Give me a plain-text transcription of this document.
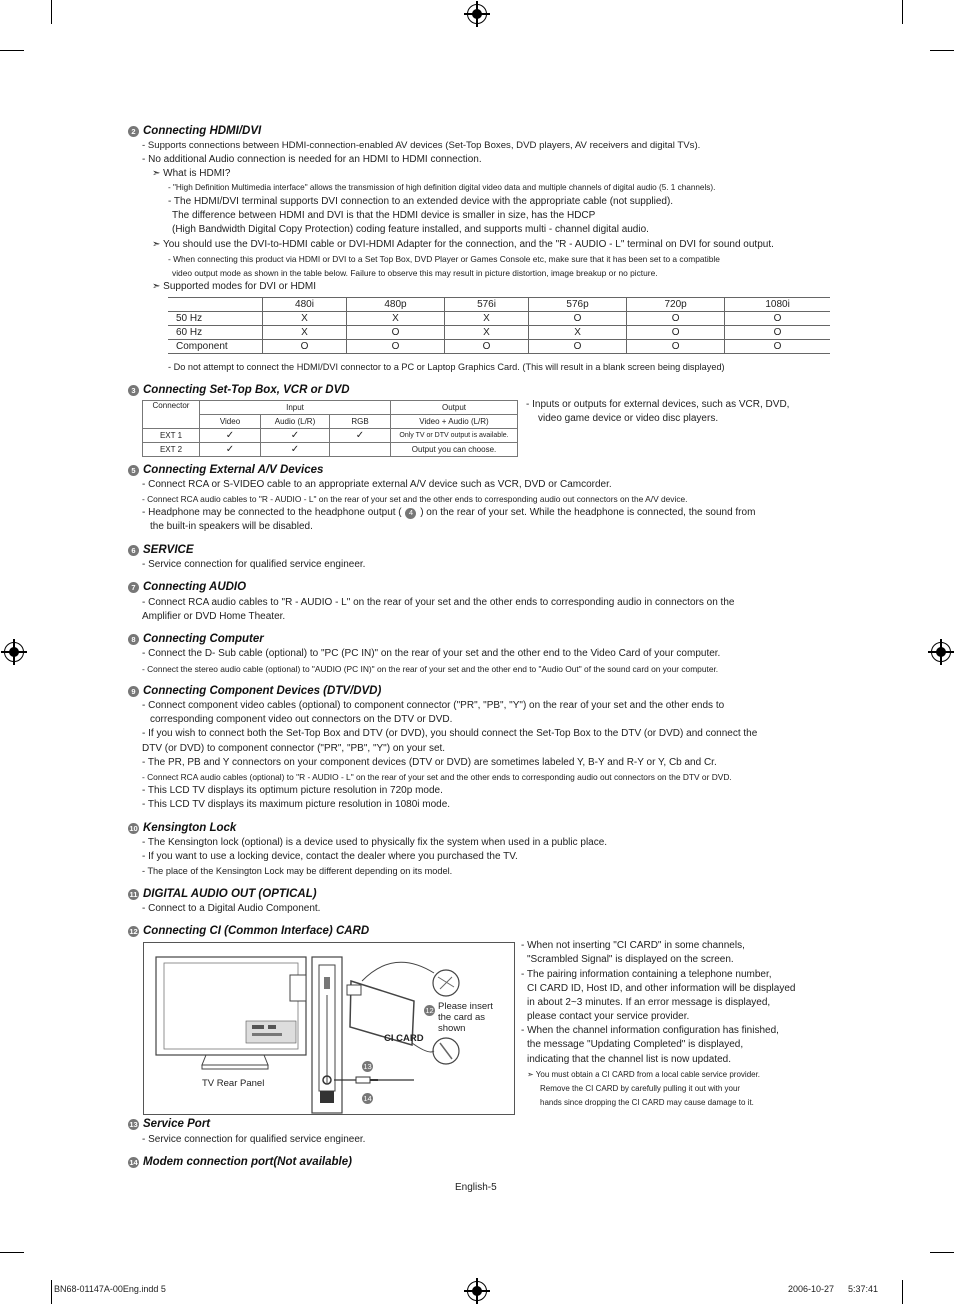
2 Connecting HDMI/DVI
- Supports connections between HDMI-connection-enabled AV devices (Set-Top Boxes, DVD players, AV receivers and digital TVs).
- No additional Audio connection is needed for an HDMI to HDMI connection.
➣ What is HDMI?
- "High Definition Multimedia interface" allows the transmission of high definition digital video data and multiple channels of digital audio (5. 1 channels).
- The HDMI/DVI terminal supports DVI connection to an extended device with the appropriate cable (not supplied).
The difference between HDMI and DVI is that the HDMI device is smaller in size, has the HDCP
(High Bandwidth Digital Copy Protection) coding feature installed, and supports multi - channel digital audio.
➣ You should use the DVI-to-HDMI cable or DVI-HDMI Adapter for the connection, and the "R - AUDIO - L" terminal on DVI for sound output.
- When connecting this product via HDMI or DVI to a Set Top Box, DVD Player or Games Console etc, make sure that it has been set to a compatible
video output mode as shown in the table below. Failure to observe this may result in picture distortion, image breakup or no picture.
➣ Supported modes for DVI or HDMI
	480i	480p	576i	576p	720p	1080i
50 Hz	X	X	X	O	O	O
60 Hz	X	O	X	X	O	O
Component	O	O	O	O	O	O
- Do not attempt to connect the HDMI/DVI connector to a PC or Laptop Graphics Card. (This will result in a blank screen being displayed)
3 Connecting Set-Top Box, VCR or DVD
Connector	Input			Output
	Video	Audio (L/R)	RGB	Video + Audio (L/R)
EXT 1	✓	✓	✓	Only TV or DTV output is available.
EXT 2	✓	✓		Output you can choose.
- Inputs or outputs for external devices, such as VCR, DVD,
video game device or video disc players.
5 Connecting External A/V Devices
- Connect RCA or S-VIDEO cable to an appropriate external A/V device such as VCR, DVD or Camcorder.
- Connect RCA audio cables to "R - AUDIO - L" on the rear of your set and the other ends to corresponding audio out connectors on the A/V device.
- Headphone may be connected to the headphone output ( 4 ) on the rear of your set. While the headphone is connected, the sound from
the built-in speakers will be disabled.
6 SERVICE
- Service connection for qualified service engineer.
7 Connecting AUDIO
- Connect RCA audio cables to "R - AUDIO - L" on the rear of your set and the other ends to corresponding audio in connectors on the
Amplifier or DVD Home Theater.
8 Connecting Computer
- Connect the D- Sub cable (optional) to "PC (PC IN)" on the rear of your set and the other end to the Video Card of your computer.
- Connect the stereo audio cable (optional) to "AUDIO (PC IN)" on the rear of your set and the other end to "Audio Out" of the sound card on your computer.
9 Connecting Component Devices (DTV/DVD)
- Connect component video cables (optional) to component connector ("PR", "PB", "Y") on the rear of your set and the other ends to
corresponding component video out connectors on the DTV or DVD.
- If you wish to connect both the Set-Top Box and DTV (or DVD), you should connect the Set-Top Box to the DTV (or DVD) and connect the
DTV (or DVD) to component connector ("PR", "PB", "Y") on your set.
- The PR, PB and Y connectors on your component devices (DTV or DVD) are sometimes labeled Y, B-Y and R-Y or Y, Cb and Cr.
- Connect RCA audio cables (optional) to "R - AUDIO - L" on the rear of your set and the other ends to corresponding audio out connectors on the DTV or DVD.
- This LCD TV displays its optimum picture resolution in 720p mode.
- This LCD TV displays its maximum picture resolution in 1080i mode.
10 Kensington Lock
- The Kensington lock (optional) is a device used to physically fix the system when used in a public place.
- If you want to use a locking device, contact the dealer where you purchased the TV.
- The place of the Kensington Lock may be different depending on its model.
11 DIGITAL AUDIO OUT (OPTICAL)
- Connect to a Digital Audio Component.
12 Connecting CI (Common Interface) CARD
TV Rear Panel
CI CARD
Please insert
the card as
shown
12
13
14
- When not inserting "CI CARD" in some channels,
"Scrambled Signal" is displayed on the screen.
- The pairing information containing a telephone number,
CI CARD ID, Host ID, and other information will be displayed
in about 2~3 minutes. If an error message is displayed,
please contact your service provider.
- When the channel information configuration has finished,
the message "Updating Completed" is displayed,
indicating that the channel list is now updated.
➣ You must obtain a CI CARD from a local cable service provider.
Remove the CI CARD by carefully pulling it out with your
hands since dropping the CI CARD may cause damage to it.
13 Service Port
- Service connection for qualified service engineer.
14 Modem connection port(Not available)
English-5
BN68-01147A-00Eng.indd 5	2006-10-27 5:37:41
